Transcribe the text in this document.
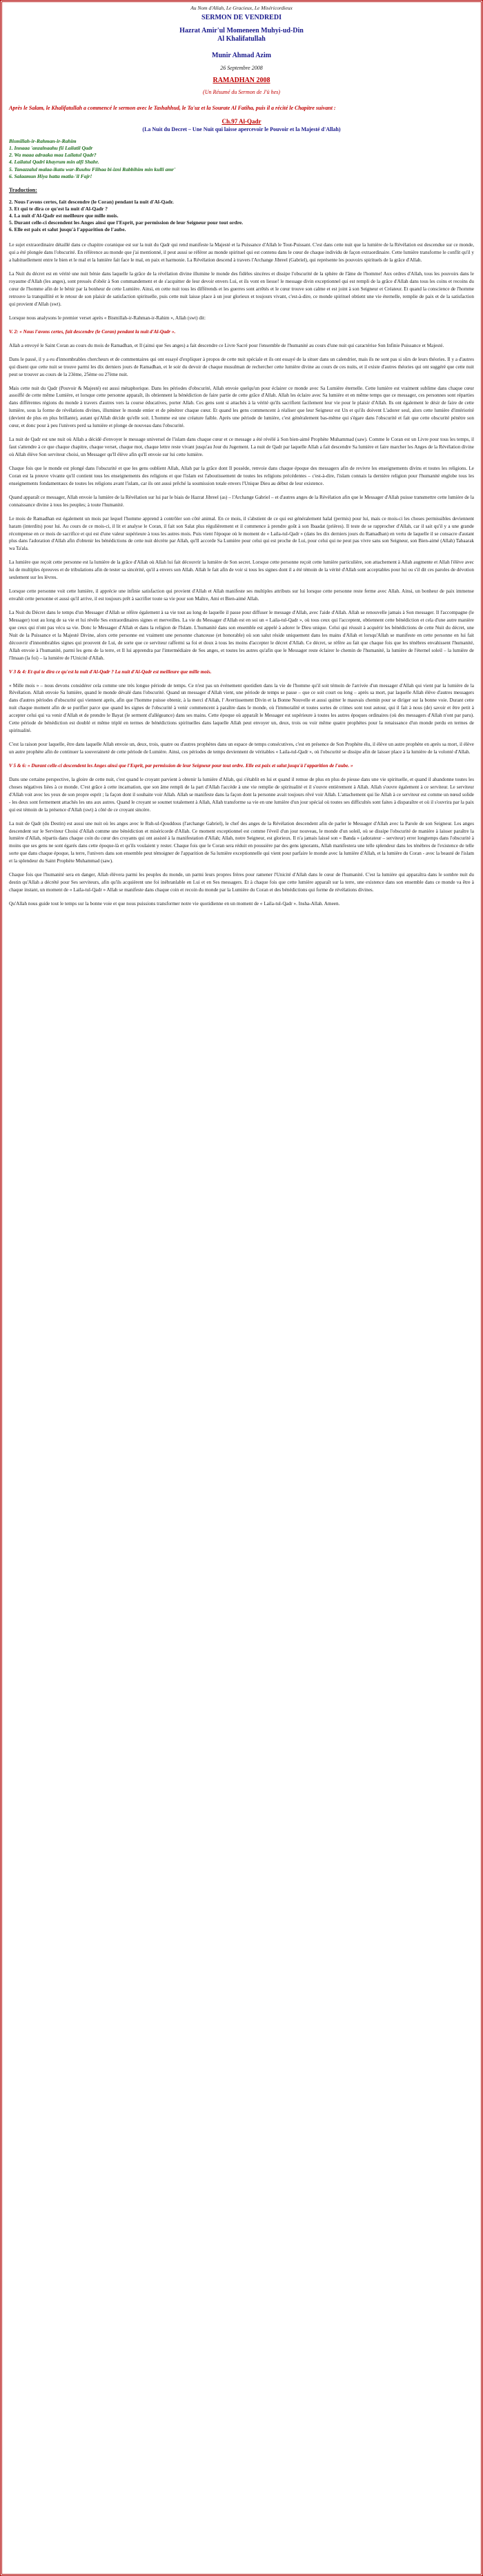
Au Nom d'Allah, Le Gracieux, Le Miséricordieux

SERMON DE VENDREDI

Hazrat Amir'ul Momeneen Muhyi-ud-Din

Al Khalifatullah

Munir Ahmad Azim

26 Septembre 2008

RAMADHAN 2008

(Un Résumé du Sermon de J'ü hes)

Après le Salam, le Khalifatullah a commencé le sermon avec le Tashahhud, le Ta'uz et la Sourate Al Fatiha, puis il a récité le Chapitre suivant :

Ch.97 Al-Qadr

(La Nuit du Decret – Une Nuit qui laisse apercevoir le Pouvoir et la Majesté d'Allah)

Bismillah-ir-Rahman-ir-Rahim

1. Innaaa 'anzalnaahu fii Lailatil Qadr

2. Wa maaa adraaka maa Lailatul Qadr?

4. Lailatul Qadri khayrum min alfi Shahr.

5. Tanazzalul malaa-ikatu war-Ruuhu Fiihaa bi-izni Rabbihim min kulli amr'

6. Salaamun Hiya hatta matla-'il Fajr!

Traduction:

2. Nous l'avons certes, fait descendre (le Coran) pendant la nuit d'Al-Qadr.

3. Et qui te dira ce qu'est la nuit d'Al-Qadr ?

4. La nuit d'Al-Qadr est meilleure que mille mois.

5. Durant celle-ci descendent les Anges ainsi que l'Esprit, par permission de leur Seigneur pour tout ordre.

6. Elle est paix et salut jusqu'à l'apparition de l'aube.

Le sujet extraordinaire détaillé dans ce chapitre coranique est sur la nuit du Qadr qui rend manifeste la Majesté et la Puissance d'Allah le Tout-Puissant. C'est dans cette nuit que la lumière de la Révélation est descendue sur ce monde, qui a été plongée dans l'obscurité. En référence au monde que j'ai mentionné, il peut aussi se référer au monde spirituel qui est contenu dans le cœur de chaque individu de façon extraordinaire. Cette lumière transforme le conflit qu'il y a habituellement entre le bien et le mal et la lumière fait face le mal, en paix et harmonie. La Révélation descend à travers l'Archange Jibreel (Gabriel), qui représente les pouvoirs spirituels de la grâce d'Allah.

La Nuit du décret est en vérité une nuit bénie dans laquelle la grâce de la révélation divine illumine le monde des fidèles sincères et dissipe l'obscurité de la sphère de l'âme de l'homme! Aux ordres d'Allah, tous les pouvoirs dans le royaume d'Allah (les anges), sont pressés d'obéir à Son commandement et de s'acquitter de leur devoir envers Lui, et ils vont en liesse! le message divin exceptionnel qui est rempli de la grâce d'Allah dans tous les coins et recoins du cœur de l'homme afin de le bénir par la bonheur de cette Lumière. Ainsi, en cette nuit tous les différends et les guerres sont arrêtés et le cœur trouve son calme et est joint à son Seigneur et Créateur. Et quand la conscience de l'homme retrouve la tranquillité et le retour de son plaisir de satisfaction spirituelle, puis cette nuit laisse place à un jour glorieux et toujours vivant, c'est-à-dire, ce monde spirituel obtient une vie éternelle, remplie de paix et de la satisfaction qui provient d'Allah (swt).

Lorsque nous analysons le premier verset après « Bismillah-ir-Rahman-ir-Rahim », Allah (swt) dit:

V. 2: « Nous l'avons certes, fait descendre (le Coran) pendant la nuit d'Al-Qadr ».

Allah a envoyé le Saint Coran au cours du mois de Ramadhan, et Il (ainsi que Ses anges) a fait descendre ce Livre Sacré pour l'ensemble de l'humanité au cours d'une nuit qui caractérise Son Infinie Puissance et Majesté.

Dans le passé, il y a eu d'innombrables chercheurs et de commentaires qui ont essayé d'expliquer à propos de cette nuit spéciale et ils ont essayé de la situer dans un calendrier, mais ils ne sont pas si sûrs de leurs théories. Il y a d'autres qui disent que cette nuit se trouve parmi les dix derniers jours de Ramadhan, et le soir du devoir de chaque musulman de rechercher cette lumière divine au cours de ces nuits, et il existe d'autres théories qui ont suggéré que cette nuit peut se trouver au cours de la 23ème, 25ème ou 27ème nuit.

Mais cette nuit du Qadr (Pouvoir & Majesté) est aussi métaphorique. Dans les périodes d'obscurité, Allah envoie quelqu'un pour éclairer ce monde avec Sa Lumière éternelle. Cette lumière est vraiment sublime dans chaque cœur assoiffé de cette même Lumière, et lorsque cette personne apparaît, ils obtiennent la bénédiction de faire partie de cette grâce d'Allah. Allah les éclaire avec Sa lumière et en même temps que ce messager, ces personnes sont réparties dans différentes régions du monde à travers d'autres vers la course éducatives, porter Allah. Ces gens sont si attachés à la vérité qu'ils sacrifient facilement leur vie pour le plaisir d'Allah. Ils ont également le désir de faire de cette lumière, sous la forme de révélations divines, illuminer le monde entier et de pénétrer chaque cœur. Et quand les gens commencent à réaliser que leur Seigneur est Un et qu'ils doivent L'adorer seul, alors cette lumière d'intériorité (devient de plus en plus brillante), autant qu'Allah décide qu'elle soit. L'homme est une créature faible. Après une période de lumière, c'est généralement bas-même qui s'égare dans l'obscurité et fait que cette obscurité pénètre son cœur, et donc pour à peu l'univers perd sa lumière et plonge de nouveau dans l'obscurité.

La nuit de Qadr est une nuit où Allah a décidé d'envoyer le message universel de l'islam dans chaque cœur et ce message a été révélé à Son bien-aimé Prophète Muhammad (saw). Comme le Coran est un Livre pour tous les temps, il faut s'attendre à ce que chaque chapitre, chaque verset, chaque mot, chaque lettre reste vivant jusqu'au Jour du Jugement. La nuit de Qadr par laquelle Allah a fait descendre Sa lumière et faire marcher les Anges de la Révélation divine où Allah élève Son serviteur choisi, un Messager qu'Il élève afin qu'Il envoie sur lui cette lumière.

Chaque fois que le monde est plongé dans l'obscurité et que les gens oublient Allah, Allah par la grâce dont Il possède, renvoie dans chaque époque des messagers afin de revivre les enseignements divins et toutes les religions. Le Coran est la preuve vivante qu'il contient tous les enseignements des religions et que l'islam est l'aboutissement de toutes les religions précédentes – c'est-à-dire, l'islam connais la dernière religion pour l'humanité englobe tous les enseignements fondamentaux de toutes les religions avant l'islam, car ils ont aussi prêché la soumission totale envers l'Unique Dieu au début de leur existence.

Quand apparaît ce messager, Allah envoie la lumière de la Révélation sur lui par le biais de Hazrat Jibreel (as) – l'Archange Gabriel – et d'autres anges de la Révélation afin que le Messager d'Allah puisse transmettre cette lumière de la connaissance divine à tous les peuples; à toute l'humanité.

Le mois de Ramadhan est également un mois par lequel l'homme apprend à contrôler son côté animal. En ce mois, il s'abstient de ce qui est généralement halal (permis) pour lui, mais ce mois-ci les choses permissibles deviennent haram (interdits) pour lui. Au cours de ce mois-ci, il lit et analyse le Coran, il fait son Salat plus régulièrement et il commence à prendre goût à son Ibaadat (prières). Il teste de se rapprocher d'Allah, car il sait qu'il y a une grande récompense en ce mois de sacrifice et qui est d'une valeur supérieure à tous les autres mois. Puis vient l'époque où le moment de « Laila-tul-Qadr » (dans les dix derniers jours du Ramadhan) en vertu de laquelle il se consacre d'autant plus dans l'adoration d'Allah afin d'obtenir les bénédictions de cette nuit décrète par Allah, qu'Il accorde Sa Lumière pour celui qui est proche de Lui, pour celui qui ne peut pas vivre sans son Seigneur, son Bien-aimé (Allah) Tabaarak wa Ta'ala.

La lumière que reçoit cette personne est la lumière de la grâce d'Allah où Allah lui fait découvrir la lumière de Son secret. Lorsque cette personne reçoit cette lumière particulière, son attachement à Allah augmente et Allah l'élève avec lui de multiples épreuves et de tribulations afin de tester sa sincérité, qu'il a envers son Allah. Allah le fait afin de voir si tous les signes dont il a été témoin de la vérité d'Allah sont acceptables pour lui ou s'il dit ces paroles de dévotion seulement sur les lèvres.

Lorsque cette personne voit cette lumière, il apprécie une infinie satisfaction qui provient d'Allah et Allah manifeste ses multiples attributs sur lui lorsque cette personne reste ferme avec Allah. Ainsi, un bonheur de paix immense envahit cette personne et aussi qu'il arrive, il est toujours prêt à sacrifier toute sa vie pour son Maître, Ami et Bien-aimé Allah.

La Nuit du Décret dans le temps d'un Messager d'Allah se réfère également à sa vie tout au long de laquelle il passe pour diffuser le message d'Allah, avec l'aide d'Allah. Allah se renouvelle jamais à Son messager. Il l'accompagne (le Messager) tout au long de sa vie et lui révèle Ses extraordinaires signes et merveilles. La vie du Messager d'Allah est en soi un « Laila-tul-Qadr », où tous ceux qui l'acceptent, obtiennent cette bénédiction et cela d'une autre manière que ceux qui n'ont pas vécu sa vie. Donc le Messager d'Allah et dans la religion de l'Islam. L'humanité dans son ensemble est appelé à adorer le Dieu unique. Celui qui réussit à acquérir les bénédictions de cette Nuit du décret, une Nuit de la Puissance et la Majesté Divine, alors cette personne est vraiment une personne chanceuse (et honorable) où son salut réside uniquement dans les mains d'Allah et lorsqu'Allah se manifeste en cette personne en lui fait découvrir d'innombrables signes qui prouvent de Lui, de sorte que ce serviteur raffermi sa foi et doux à tous les moins d'accepter le décret d'Allah. Ce décret, se réfère au fait que chaque fois que les ténèbres envahissent l'humanité, Allah envoie à l'humanité, parmi les gens de la terre, et Il lui apprendra par l'intermédiaire de Ses anges, et toutes les autres qu'afin que le Messager reste éclairer le chemin de l'humanité, la lumière de l'éternel soleil – la lumière de l'Imaan (la foi) – la lumière de l'Unicité d'Allah.

V 3 & 4: Et qui te dira ce qu'est la nuit d'Al-Qadr ? La nuit d'Al-Qadr est meilleure que mille mois.

« Mille mois » – nous devons considérer cela comme une très longue période de temps. Ce n'est pas un événement quotidien dans la vie de l'homme qu'il soit témoin de l'arrivée d'un messager d'Allah qui vient par la lumière de la Révélation. Allah envoie Sa lumière, quand le monde dévalé dans l'obscurité. Quand un messager d'Allah vient, une période de temps se passe – que ce soit court ou long – après sa mort, par laquelle Allah élève d'autres messagers dans d'autres périodes d'obscurité qui viennent après, afin que l'homme puisse obtenir, à la merci d'Allah, l' Avertissement Divin et la Bonne Nouvelle et aussi quitter le mauvais chemin pour se diriger sur la bonne voie. Durant cette nuit chaque moment afin de se purifier parce que quand les signes de l'obscurité à venir commencent à paraître dans le monde, où l'immoralité et toutes sortes de crimes sont tout autour, qui il fait à nous (de) savoir et être petit à accepter celui qui va venir d'Allah et de prendre le Bayat (le serment d'allégeance) dans ses mains. Cette époque où apparaît le Messager est supérieure à toutes les autres époques ordinaires (où des messagers d'Allah n'ont par paru). Cette période de bénédiction est doublé et même triplé en termes de bénédictions spirituelles dans laquelle Allah peut envoyer un, deux, trois ou voir même quatre prophètes pour la renaissance d'un monde perdu en termes de spiritualité.

C'est la raison pour laquelle, être dans laquelle Allah envoie un, deux, trois, quatre ou d'autres prophètes dans un espace de temps consécutives, c'est en présence de Son Prophète élu, il élève un autre prophète en après sa mort, il élève un autre prophète afin de continuer la souveraineté de cette période de Lumière. Ainsi, ces périodes de temps deviennent de véritables « Laila-tul-Qadr », où l'obscurité se dissipe afin de laisser place à la lumière de la volonté d'Allah.

V 5 & 6: « Durant celle-ci descendent les Anges ainsi que l'Esprit, par permission de leur Seigneur pour tout ordre. Elle est paix et salut jusqu'à l'apparition de l'aube. »

Dans une certaine perspective, la gloire de cette nuit, c'est quand le croyant parvient à obtenir la lumière d'Allah, qui s'établit en lui et quand il remue de plus en plus de pieuse dans une vie spirituelle, et quand il abandonne toutes les choses négatives liées à ce monde. C'est grâce à cette incarnation, que son âme rempli de la part d'Allah l'accède à une vie remplie de spiritualité et il s'ouvre entièrement à Allah. Allah s'ouvre également à ce serviteur. Le serviteur d'Allah voit avec les yeux de son propre esprit ; la façon dont il souhaite voir Allah. Allah se manifeste dans la façon dont la personne avait toujours rêvé voir Allah. L'attachement qui lie Allah à ce serviteur est comme un nœud solide - les deux sont fermement attachés les uns aux autres. Quand le croyant se soumet totalement à Allah, Allah transforme sa vie en une lumière d'un jour spécial où toutes ses difficultés sont faites à disparaître et où il s'ouvrira par la paix qui est témoin de la présence d'Allah (swt) à côté de ce croyant sincère.

La nuit de Qadr (du Destin) est aussi une nuit où les anges avec le Ruh-ul-Qouddous (l'archange Gabriel), le chef des anges de la Révélation descendent afin de parler le Messager d'Allah avec la Parole de son Seigneur. Les anges descendent sur le Serviteur Choisi d'Allah comme une bénédiction et miséricorde d'Allah. Ce moment exceptionnel est comme l'éveil d'un jour nouveau, le monde d'un soleil, où se dissipe l'obscurité de manière à laisser paraître la lumière d'Allah, répartis dans chaque coin du cœur des croyants qui ont assisté à la manifestation d'Allah; Allah, notre Seigneur, est glorieux. Il n'a jamais laissé son « Banda » (adorateur – serviteur) errer longtemps dans l'obscurité à moins que ses gens ne sont égarés dans cette époque-là et qu'ils voulaient y rester. Chaque fois que le Coran sera réduit en poussière par des gens ignorants, Allah manifestera une telle splendeur dans les ténèbres de l'existence de telle sorte que dans chaque époque, la terre, l'univers dans son ensemble peut témoigner de l'apparition de Sa lumière exceptionnelle qui vient pour parfaire le monde avec la lumière d'Allah, et la lumière du Coran - avec la beauté de l'islam et la splendeur du Saint Prophète Muhammad (saw).

Chaque fois que l'humanité sera en danger, Allah élèvera parmi les peuples du monde, un parmi leurs propres frères pour ramener l'Unicité d'Allah dans le cœur de l'humanité. C'est la lumière qui apparaîtra dans le sombre nuit du destin qu'Allah a décrété pour Ses serviteurs, afin qu'ils acquièrent une foi inébranlable en Lui et en Ses messagers. Et à chaque fois que cette lumière apparaît sur la terre, une existence dans son ensemble dans ce monde va être à chaque instant, un moment de « Laila-tul-Qadr » Allah se manifeste dans chaque coin et recoin du monde par la Lumière du Coran et des bénédictions qui forme de révélations divines.

Qu'Allah nous guide tout le temps sur la bonne voie et que nous puissions transformer notre vie quotidienne en un moment de « Laila-tul-Qadr ». Insha-Allah. Ameen.
